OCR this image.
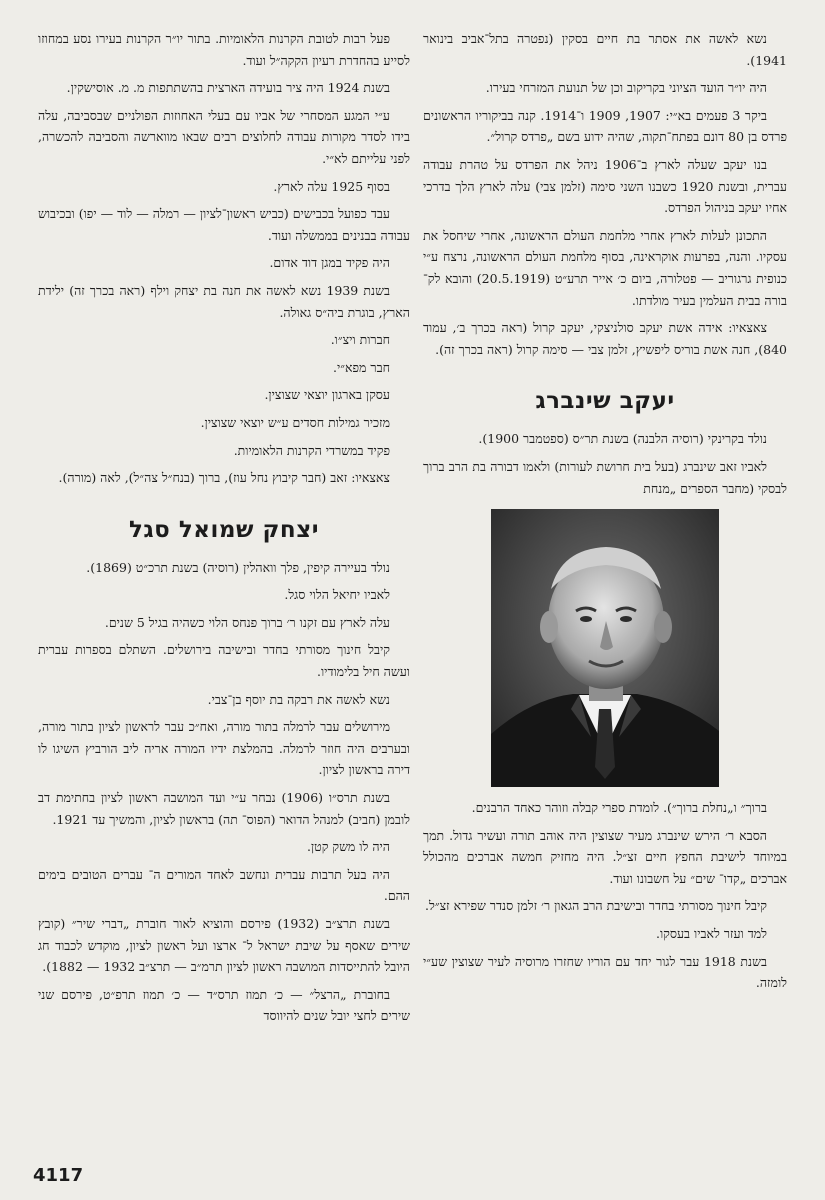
נשא לאשה את אסתר בת חיים בסקין (נפטרה בתל־אביב בינואר 1941).

היה יו״ר הועד הציוני בקריקוב וכן של תנועת המזרחי בעירו.

ביקר 3 פעמים בא״י: 1907, 1909 ו־1914. קנה בביקוריו הראשונים פרדס בן 80 דונם בפתח־תקוה, שהיה ידוע בשם „פרדס קרול״.

בנו יעקב שעלה לארץ ב־1906 ניהל את הפרדס על טהרת עבודה עברית, ובשנת 1920 כשבנו השני סימה (זלמן צבי) עלה לארץ הלך בדרכי אחיו יעקב בניהול הפרדס.

התכונן לעלות לארץ אחרי מלחמת העולם הראשונה, אחרי שיחסל את עסקיו. והנה, בפרעות אוקראינה, בסוף מלחמת העולם הראשונה, נרצח ע״י כנופית גרגוריב — פטלורה, ביום כ׳ אייר תרע״ט (20.5.1919) והובא לק־ בורה בבית העלמין בעיר מולדתו.

צאצאיו: אידה אשת יעקב סולניצקי, יעקב קרול (ראה בכרך ב׳, עמוד 840), חנה אשת בוריס ליפשיץ, זלמן צבי — סימה קרול (ראה בכרך זה).

יעקב שינברג

נולד בקרינקי (רוסיה הלבנה) בשנת תר״ס (ספטמבר 1900).

לאביו זאב שינברג (בעל בית חרושת לעורות) ולאמו דבורה בת הרב ברוך לבסקי (מחבר הספרים „מנחת

ברוך״ ו„נחלת ברוך״). לומדת ספרי קבלה וזוהר כאחד הרבנים.

הסבא ר׳ הירש שינברג מעיר שצוצין היה אוהב תורה ועשיר גדול. תמך במיוחד לישיבת החפץ חיים זצ״ל. היה מחזיק חמשה אברכים מהכולל אברכים „קדו־ שים״ על חשבונו ועוד.

קיבל חינוך מסורתי בחדר ובישיבת הרב הגאון ר׳ זלמן סנדר שפירא זצ״ל.

למד ועזר לאביו בעסקו.

בשנת 1918 עבר לגור יחד עם הוריו שחזרו מרוסיה לעיר שצוצין שע״י לומזה.

פעל רבות לטובת הקרנות הלאומיות. בתור יו״ר הקרנות בעירו נסע במחוזו לסייע בהחדרת רעיון הקקה״ל ועוד.

בשנת 1924 היה ציר בועידה הארצית בהשתתפות מ. מ. אוסישקין.

ע״י המגע המסחרי של אביו עם בעלי האחוזות הפולניים שבסביבה, עלה בידו לסדר מקורות עבודה לחלוצים רבים שבאו מווארשה והסביבה להכשרה, לפני עלייתם לא״י.

בסוף 1925 עלה לארץ.

עבד כפועל בכבישים (כביש ראשון־לציון — רמלה — לוד — יפו) ובכיבוש עבודה בבנינים בממשלה ועוד.

היה פקיד במגן דוד אדום.

בשנת 1939 נשא לאשה את חנה בת יצחק וילף (ראה בכרך זה) ילידת הארץ, בוגרת ביה״ס גאולה.

חברות ויצ״ו.

חבר מפא״י.

עסקן בארגון יוצאי שצוצין.

מזכיר גמילות חסדים ע״ש יוצאי שצוצין.

פקיד במשרדי הקרנות הלאומיות.

צאצאיו: זאב (חבר קיבוץ נחל עוז), ברוך (בנח״ל צה״ל), לאה (מורה).

יצחק שמואל סגל

נולד בעיירה קיפין, פלך וואהלין (רוסיה) בשנת תרכ״ט (1869).

לאביו יחיאל הלוי סגל.

עלה לארץ עם זקנו ר׳ ברוך פנחס הלוי כשהיה בגיל 5 שנים.

קיבל חינוך מסורתי בחדר ובישיבה בירושלים. השתלם בספרות עברית ועשה חיל בלימודיו.

נשא לאשה את רבקה בת יוסף בן־צבי.

מירושלים עבר לרמלה בתור מורה, ואח״כ עבר לראשון לציון בתור מורה, ובערבים היה חוזר לרמלה. בהמלצת ידיו המורה אריה ליב הורביץ השיגו לו דירה בראשון לציון.

בשנת תרס״ו (1906) נבחר ע״י ועד המושבה ראשון לציון בחתימת דב לובמן (חביב) למנהל הדואר (הפוס־ תה) בראשון לציון, והמשיך עד 1921.

היה לו משק קטן.

היה בעל תרבות עברית ונחשב לאחד המורים ה־ עברים הטובים בימים ההם.

בשנת תרצ״ב (1932) פירסם והוציא לאור חוברת „דברי שיר״ (קובץ שירים שאסף על שיבת ישראל ל־ ארצו ועל ראשון לציון, מוקדש לכבוד חג היובל להתייסדות המושבה ראשון לציון תרמ״ב — תרצ״ב 1932 — 1882).

בחוברת „הרצל״ — כ׳ תמוז תרס״ד — כ׳ תמוז תרפ״ט, פירסם שני שירים לחצי יובל שנים להיווסד

4117
